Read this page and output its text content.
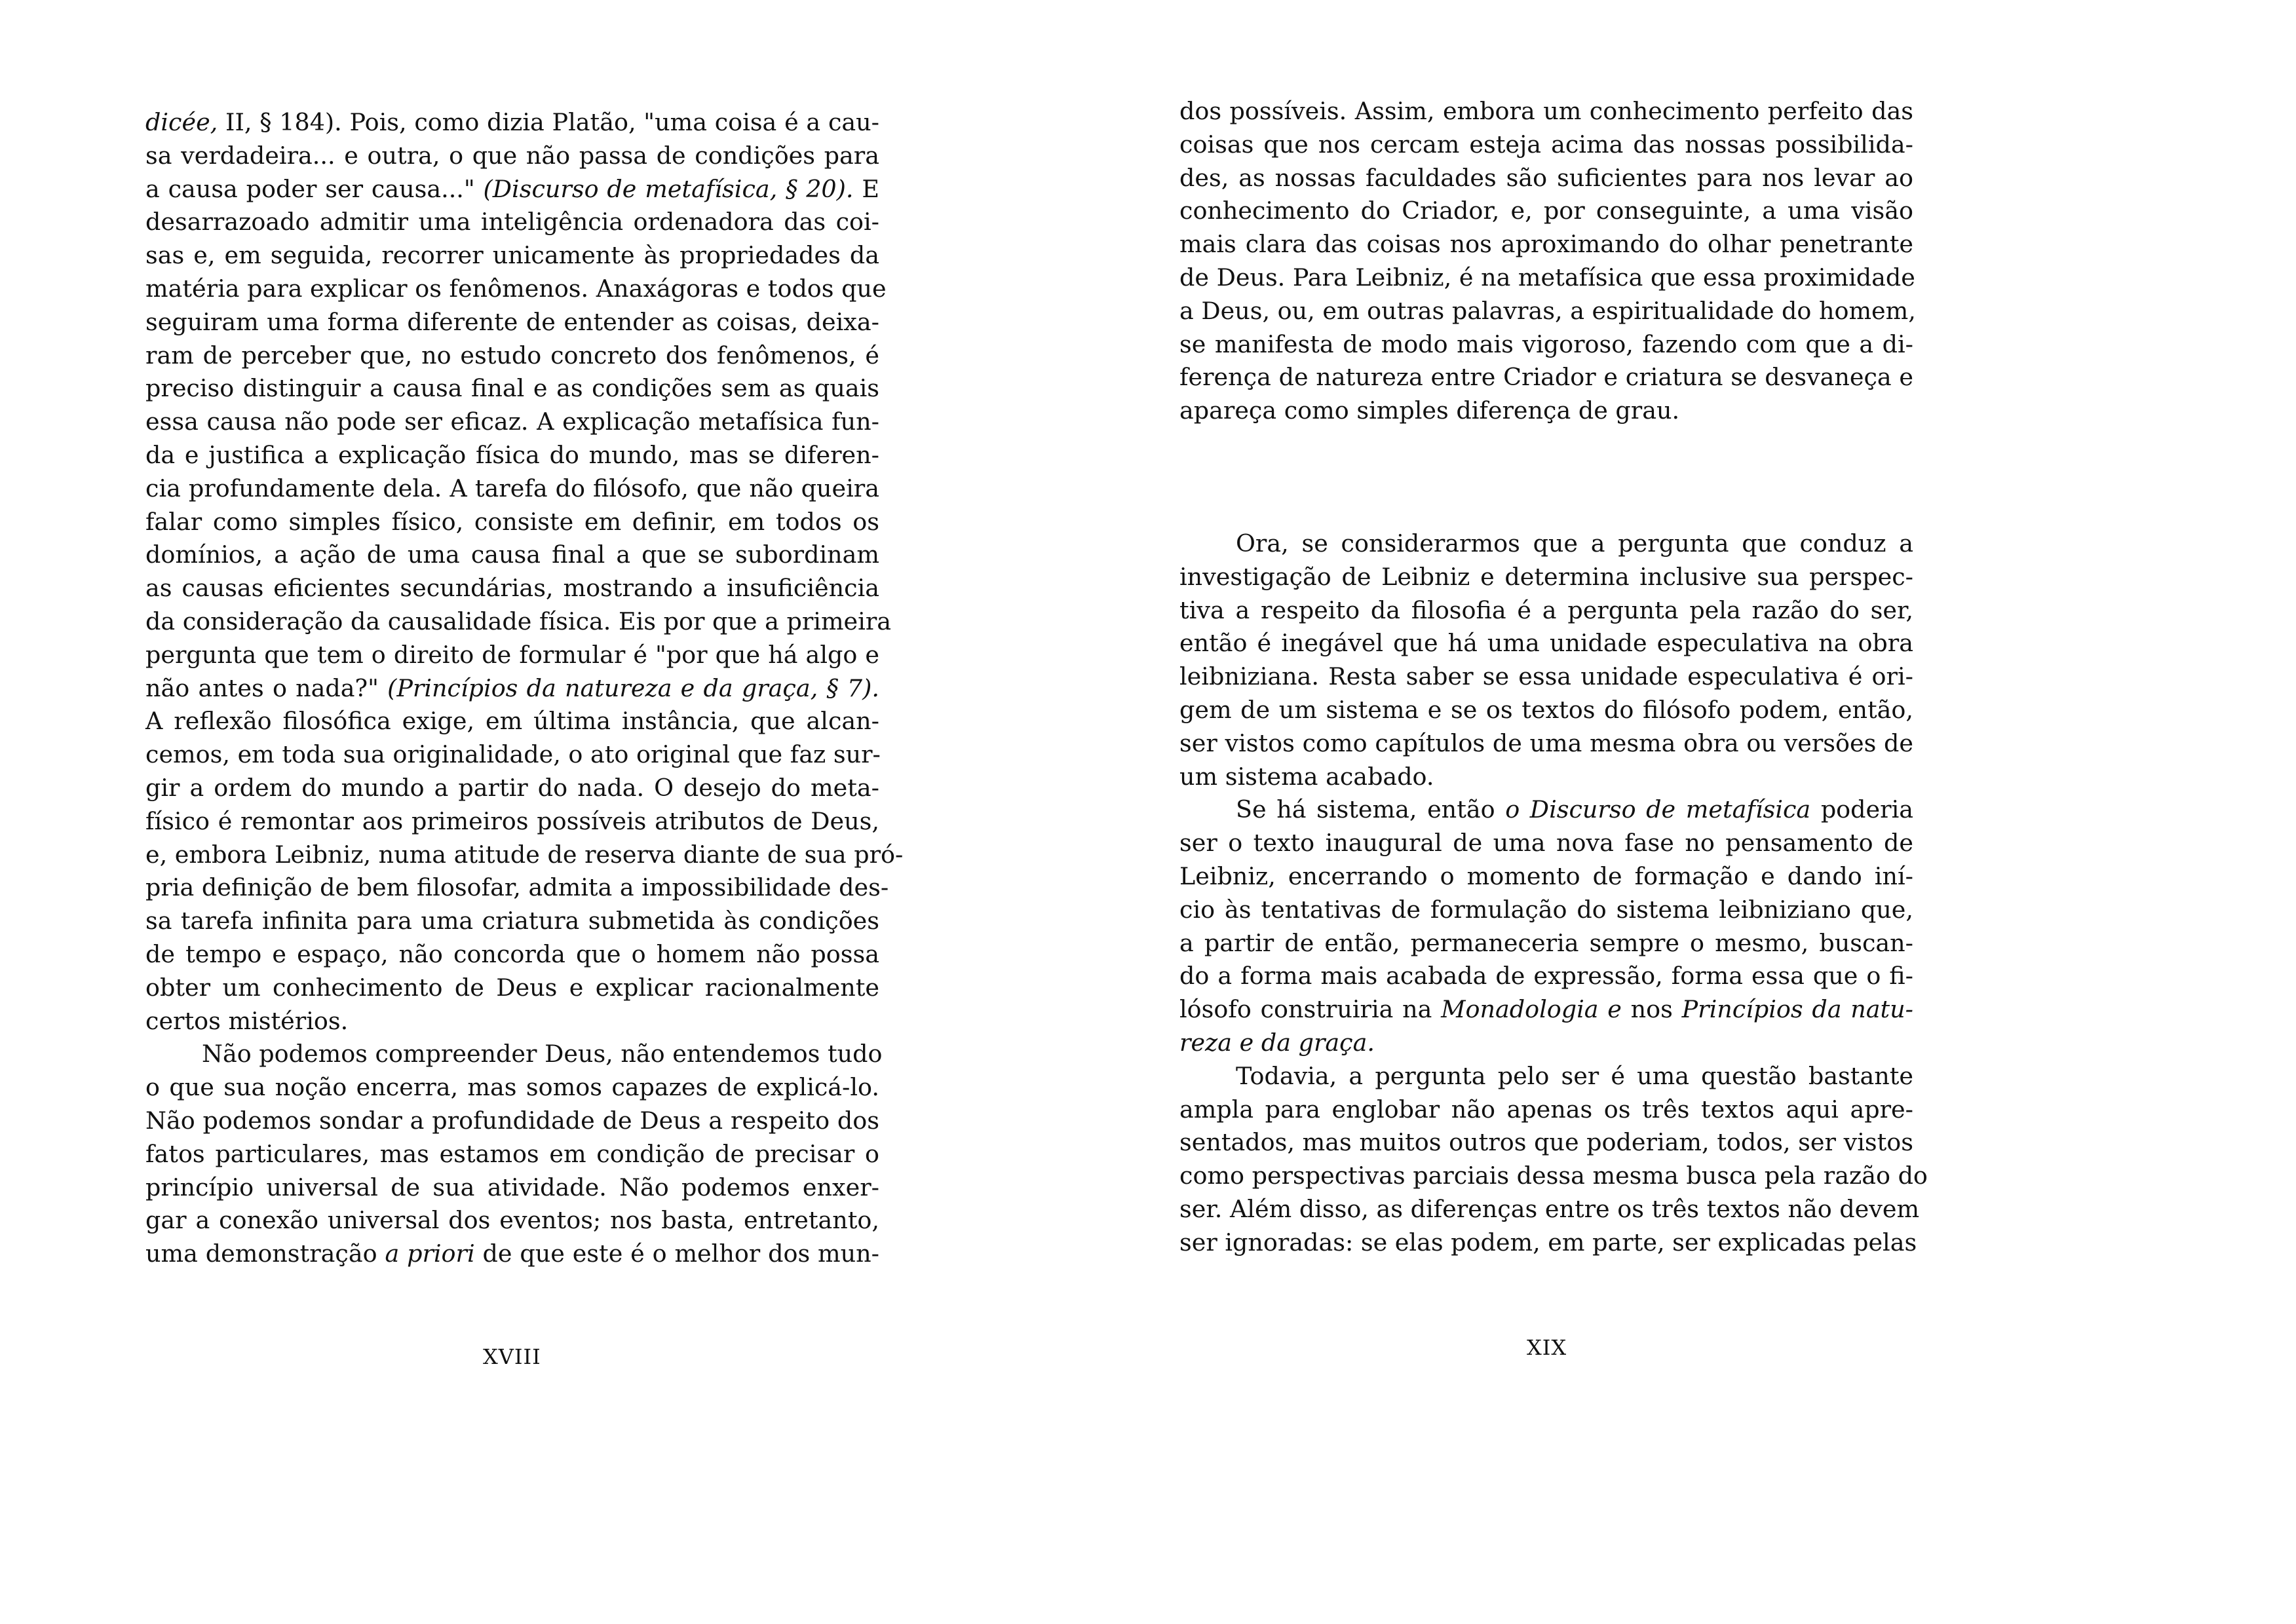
dicée, II, § 184). Pois, como dizia Platão, "uma coisa é a cau-
sa verdadeira... e outra, o que não passa de condições para
a causa poder ser causa..." (Discurso de metafísica, § 20). E
desarrazoado admitir uma inteligência ordenadora das coi-
sas e, em seguida, recorrer unicamente às propriedades da
matéria para explicar os fenômenos. Anaxágoras e todos que
seguiram uma forma diferente de entender as coisas, deixa-
ram de perceber que, no estudo concreto dos fenômenos, é
preciso distinguir a causa final e as condições sem as quais
essa causa não pode ser eficaz. A explicação metafísica fun-
da e justifica a explicação física do mundo, mas se diferen-
cia profundamente dela. A tarefa do filósofo, que não queira
falar como simples físico, consiste em definir, em todos os
domínios, a ação de uma causa final a que se subordinam
as causas eficientes secundárias, mostrando a insuficiência
da consideração da causalidade física. Eis por que a primeira
pergunta que tem o direito de formular é "por que há algo e
não antes o nada?" (Princípios da natureza e da graça, § 7).
A reflexão filosófica exige, em última instância, que alcan-
cemos, em toda sua originalidade, o ato original que faz sur-
gir a ordem do mundo a partir do nada. O desejo do meta-
físico é remontar aos primeiros possíveis atributos de Deus,
e, embora Leibniz, numa atitude de reserva diante de sua pró-
pria definição de bem filosofar, admita a impossibilidade des-
sa tarefa infinita para uma criatura submetida às condições
de tempo e espaço, não concorda que o homem não possa
obter um conhecimento de Deus e explicar racionalmente
certos mistérios.
Não podemos compreender Deus, não entendemos tudo
o que sua noção encerra, mas somos capazes de explicá-lo.
Não podemos sondar a profundidade de Deus a respeito dos
fatos particulares, mas estamos em condição de precisar o
princípio universal de sua atividade. Não podemos enxer-
gar a conexão universal dos eventos; nos basta, entretanto,
uma demonstração a priori de que este é o melhor dos mun-
XVIII
dos possíveis. Assim, embora um conhecimento perfeito das
coisas que nos cercam esteja acima das nossas possibilida-
des, as nossas faculdades são suficientes para nos levar ao
conhecimento do Criador, e, por conseguinte, a uma visão
mais clara das coisas nos aproximando do olhar penetrante
de Deus. Para Leibniz, é na metafísica que essa proximidade
a Deus, ou, em outras palavras, a espiritualidade do homem,
se manifesta de modo mais vigoroso, fazendo com que a di-
ferença de natureza entre Criador e criatura se desvaneça e
apareça como simples diferença de grau.
Ora, se considerarmos que a pergunta que conduz a
investigação de Leibniz e determina inclusive sua perspec-
tiva a respeito da filosofia é a pergunta pela razão do ser,
então é inegável que há uma unidade especulativa na obra
leibniziana. Resta saber se essa unidade especulativa é ori-
gem de um sistema e se os textos do filósofo podem, então,
ser vistos como capítulos de uma mesma obra ou versões de
um sistema acabado.
Se há sistema, então o Discurso de metafísica poderia
ser o texto inaugural de uma nova fase no pensamento de
Leibniz, encerrando o momento de formação e dando iní-
cio às tentativas de formulação do sistema leibniziano que,
a partir de então, permaneceria sempre o mesmo, buscan-
do a forma mais acabada de expressão, forma essa que o fi-
lósofo construiria na Monadologia e nos Princípios da natu-
reza e da graça.
Todavia, a pergunta pelo ser é uma questão bastante
ampla para englobar não apenas os três textos aqui apre-
sentados, mas muitos outros que poderiam, todos, ser vistos
como perspectivas parciais dessa mesma busca pela razão do
ser. Além disso, as diferenças entre os três textos não devem
ser ignoradas: se elas podem, em parte, ser explicadas pelas
XIX
